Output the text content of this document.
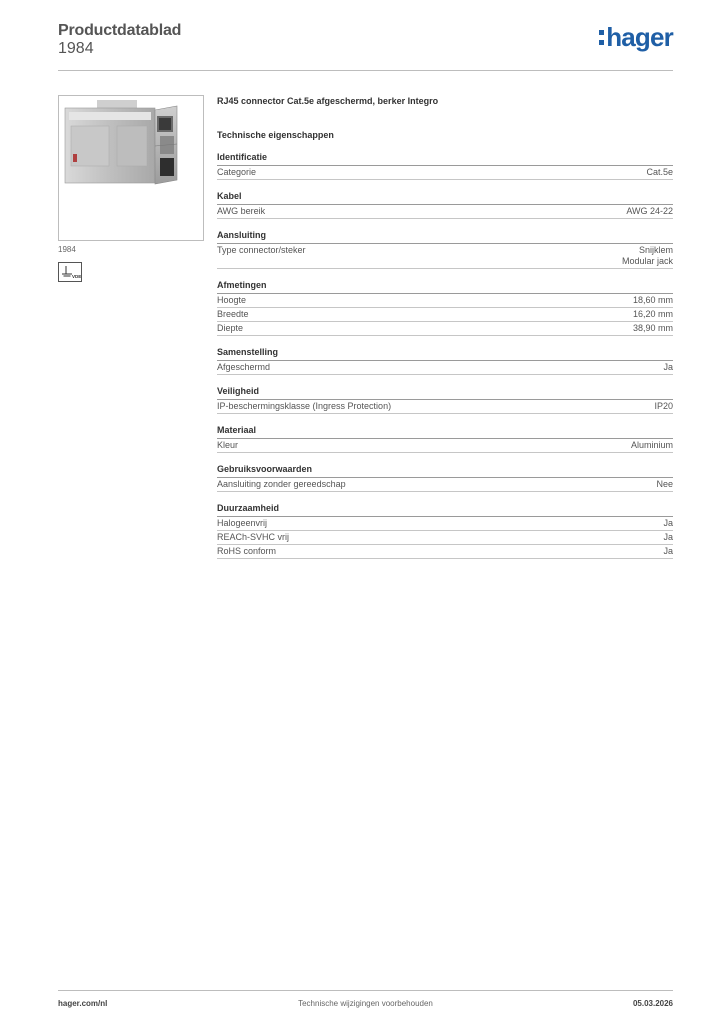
Productdatablad
1984	hager
1984
VDE
RJ45 connector Cat.5e afgeschermd, berker Integro
Technische eigenschappen
Identificatie
Categorie	Cat.5e
Kabel
AWG bereik	AWG 24-22
Aansluiting
Type connector/steker	Snijklem
Modular jack
Afmetingen
Hoogte	18,60 mm
Breedte	16,20 mm
Diepte	38,90 mm
Samenstelling
Afgeschermd	Ja
Veiligheid
IP-beschermingsklasse (Ingress Protection)	IP20
Materiaal
Kleur	Aluminium
Gebruiksvoorwaarden
Aansluiting zonder gereedschap	Nee
Duurzaamheid
Halogeenvrij	Ja
REACh-SVHC vrij	Ja
RoHS conform	Ja
hager.com/nl	Technische wijzigingen voorbehouden	05.03.2026
